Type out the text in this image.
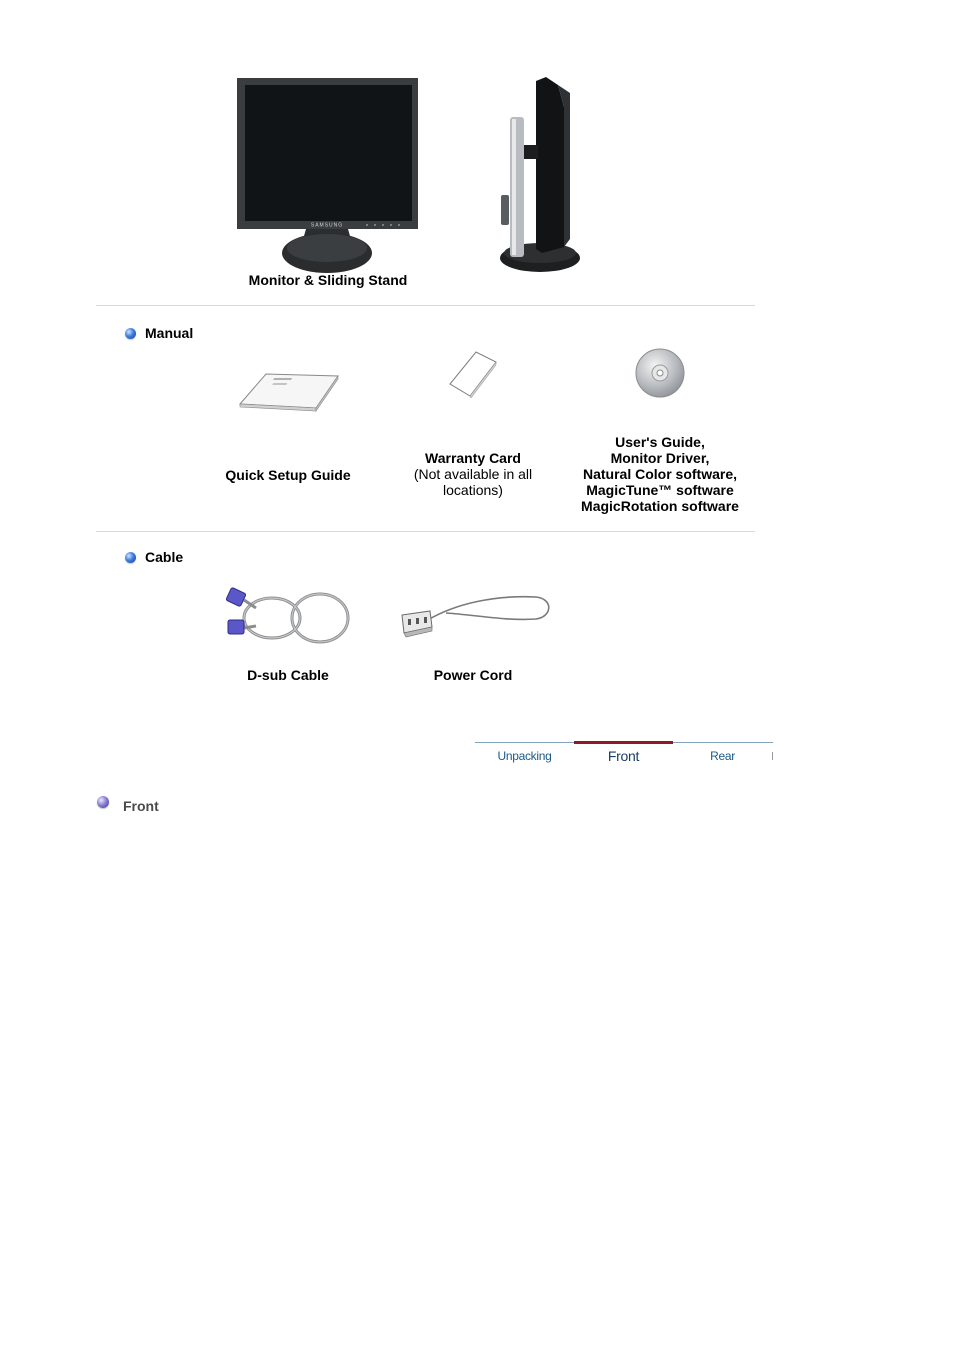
SAMSUNG
Monitor & Sliding Stand
Manual
Quick Setup Guide
Warranty Card
(Not available in all locations)
User's Guide,
Monitor Driver,
Natural Color software,
MagicTune™ software
MagicRotation software
Cable
D-sub Cable	Power Cord
Unpacking	Front	Rear
Front
